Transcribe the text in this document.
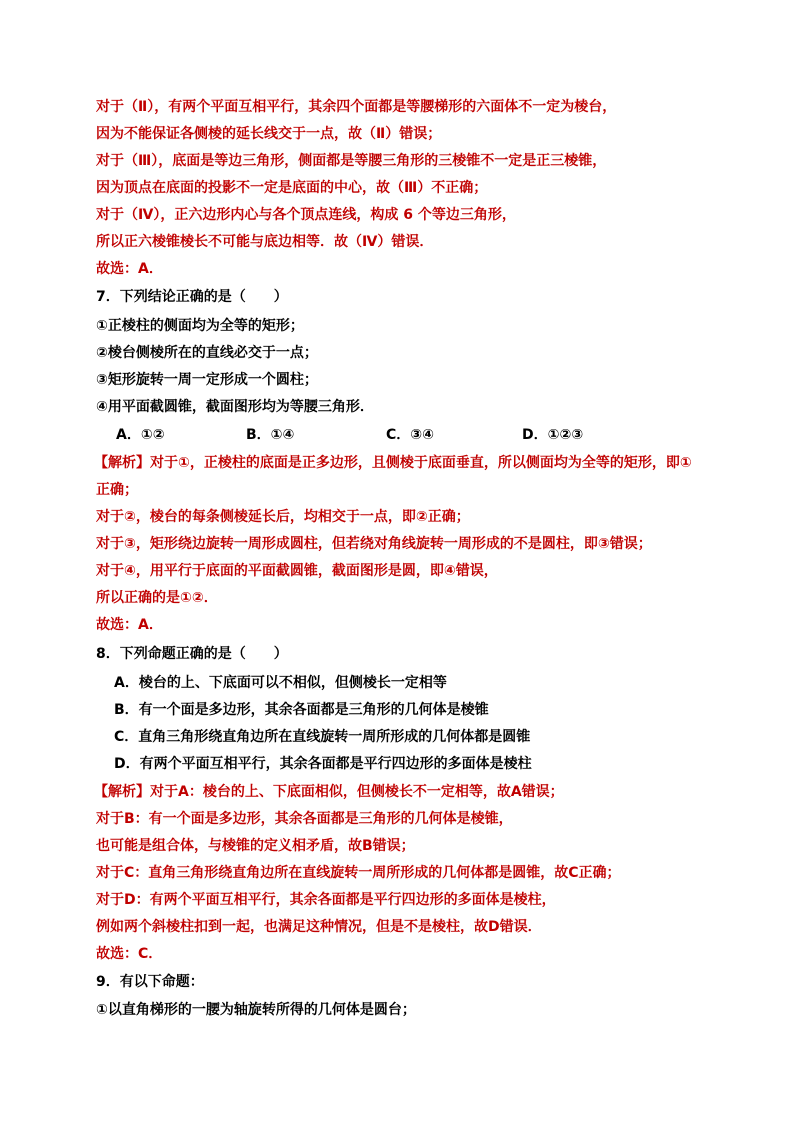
对于（Ⅱ），有两个平面互相平行，其余四个面都是等腰梯形的六面体不一定为棱台，
因为不能保证各侧棱的延长线交于一点，故（Ⅱ）错误；
对于（Ⅲ），底面是等边三角形，侧面都是等腰三角形的三棱锥不一定是正三棱锥，
因为顶点在底面的投影不一定是底面的中心，故（Ⅲ）不正确；
对于（Ⅳ），正六边形内心与各个顶点连线，构成 6 个等边三角形，
所以正六棱锥棱长不可能与底边相等．故（Ⅳ）错误．
故选：A．
7．下列结论正确的是（　　）
①正棱柱的侧面均为全等的矩形；
②棱台侧棱所在的直线必交于一点；
③矩形旋转一周一定形成一个圆柱；
④用平面截圆锥，截面图形均为等腰三角形．
A．①②	B．①④	C．③④	D．①②③
【解析】对于①，正棱柱的底面是正多边形，且侧棱于底面垂直，所以侧面均为全等的矩形，即①
正确；
对于②，棱台的每条侧棱延长后，均相交于一点，即②正确；
对于③，矩形绕边旋转一周形成圆柱，但若绕对角线旋转一周形成的不是圆柱，即③错误；
对于④，用平行于底面的平面截圆锥，截面图形是圆，即④错误，
所以正确的是①②．
故选：A．
8．下列命题正确的是（　　）
A．棱台的上、下底面可以不相似，但侧棱长一定相等
B．有一个面是多边形，其余各面都是三角形的几何体是棱锥
C．直角三角形绕直角边所在直线旋转一周所形成的几何体都是圆锥
D．有两个平面互相平行，其余各面都是平行四边形的多面体是棱柱
【解析】对于A：棱台的上、下底面相似，但侧棱长不一定相等，故A错误；
对于B：有一个面是多边形，其余各面都是三角形的几何体是棱锥，
也可能是组合体，与棱锥的定义相矛盾，故B错误；
对于C：直角三角形绕直角边所在直线旋转一周所形成的几何体都是圆锥，故C正确；
对于D：有两个平面互相平行，其余各面都是平行四边形的多面体是棱柱，
例如两个斜棱柱扣到一起，也满足这种情况，但是不是棱柱，故D错误．
故选：C．
9．有以下命题：
①以直角梯形的一腰为轴旋转所得的几何体是圆台；
